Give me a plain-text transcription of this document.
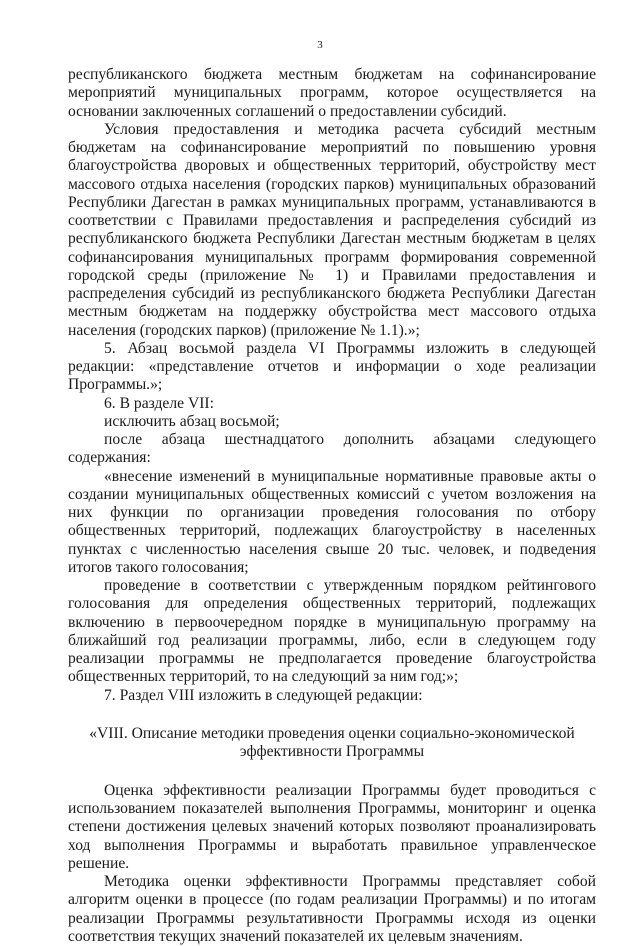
3

республиканского бюджета местным бюджетам на софинансирование мероприятий муниципальных программ, которое осуществляется на основании заключенных соглашений о предоставлении субсидий.

Условия предоставления и методика расчета субсидий местным бюджетам на софинансирование мероприятий по повышению уровня благоустройства дворовых и общественных территорий, обустройству мест массового отдыха населения (городских парков) муниципальных образований Республики Дагестан в рамках муниципальных программ, устанавливаются в соответствии с Правилами предоставления и распределения субсидий из республиканского бюджета Республики Дагестан местным бюджетам в целях софинансирования муниципальных программ формирования современной городской среды (приложение № 1) и Правилами предоставления и распределения субсидий из республиканского бюджета Республики Дагестан местным бюджетам на поддержку обустройства мест массового отдыха населения (городских парков) (приложение № 1.1).»;

5. Абзац восьмой раздела VI Программы изложить в следующей редакции: «представление отчетов и информации о ходе реализации Программы.»;

6. В разделе VII:

исключить абзац восьмой;

после абзаца шестнадцатого дополнить абзацами следующего содержания:

«внесение изменений в муниципальные нормативные правовые акты о создании муниципальных общественных комиссий с учетом возложения на них функции по организации проведения голосования по отбору общественных территорий, подлежащих благоустройству в населенных пунктах с численностью населения свыше 20 тыс. человек, и подведения итогов такого голосования;

проведение в соответствии с утвержденным порядком рейтингового голосования для определения общественных территорий, подлежащих включению в первоочередном порядке в муниципальную программу на ближайший год реализации программы, либо, если в следующем году реализации программы не предполагается проведение благоустройства общественных территорий, то на следующий за ним год;»;

7. Раздел VIII изложить в следующей редакции:

«VIII. Описание методики проведения оценки социально-экономической
эффективности Программы

Оценка эффективности реализации Программы будет проводиться с использованием показателей выполнения Программы, мониторинг и оценка степени достижения целевых значений которых позволяют проанализировать ход выполнения Программы и выработать правильное управленческое решение.

Методика оценки эффективности Программы представляет собой алгоритм оценки в процессе (по годам реализации Программы) и по итогам реализации Программы результативности Программы исходя из оценки соответствия текущих значений показателей их целевым значениям.
